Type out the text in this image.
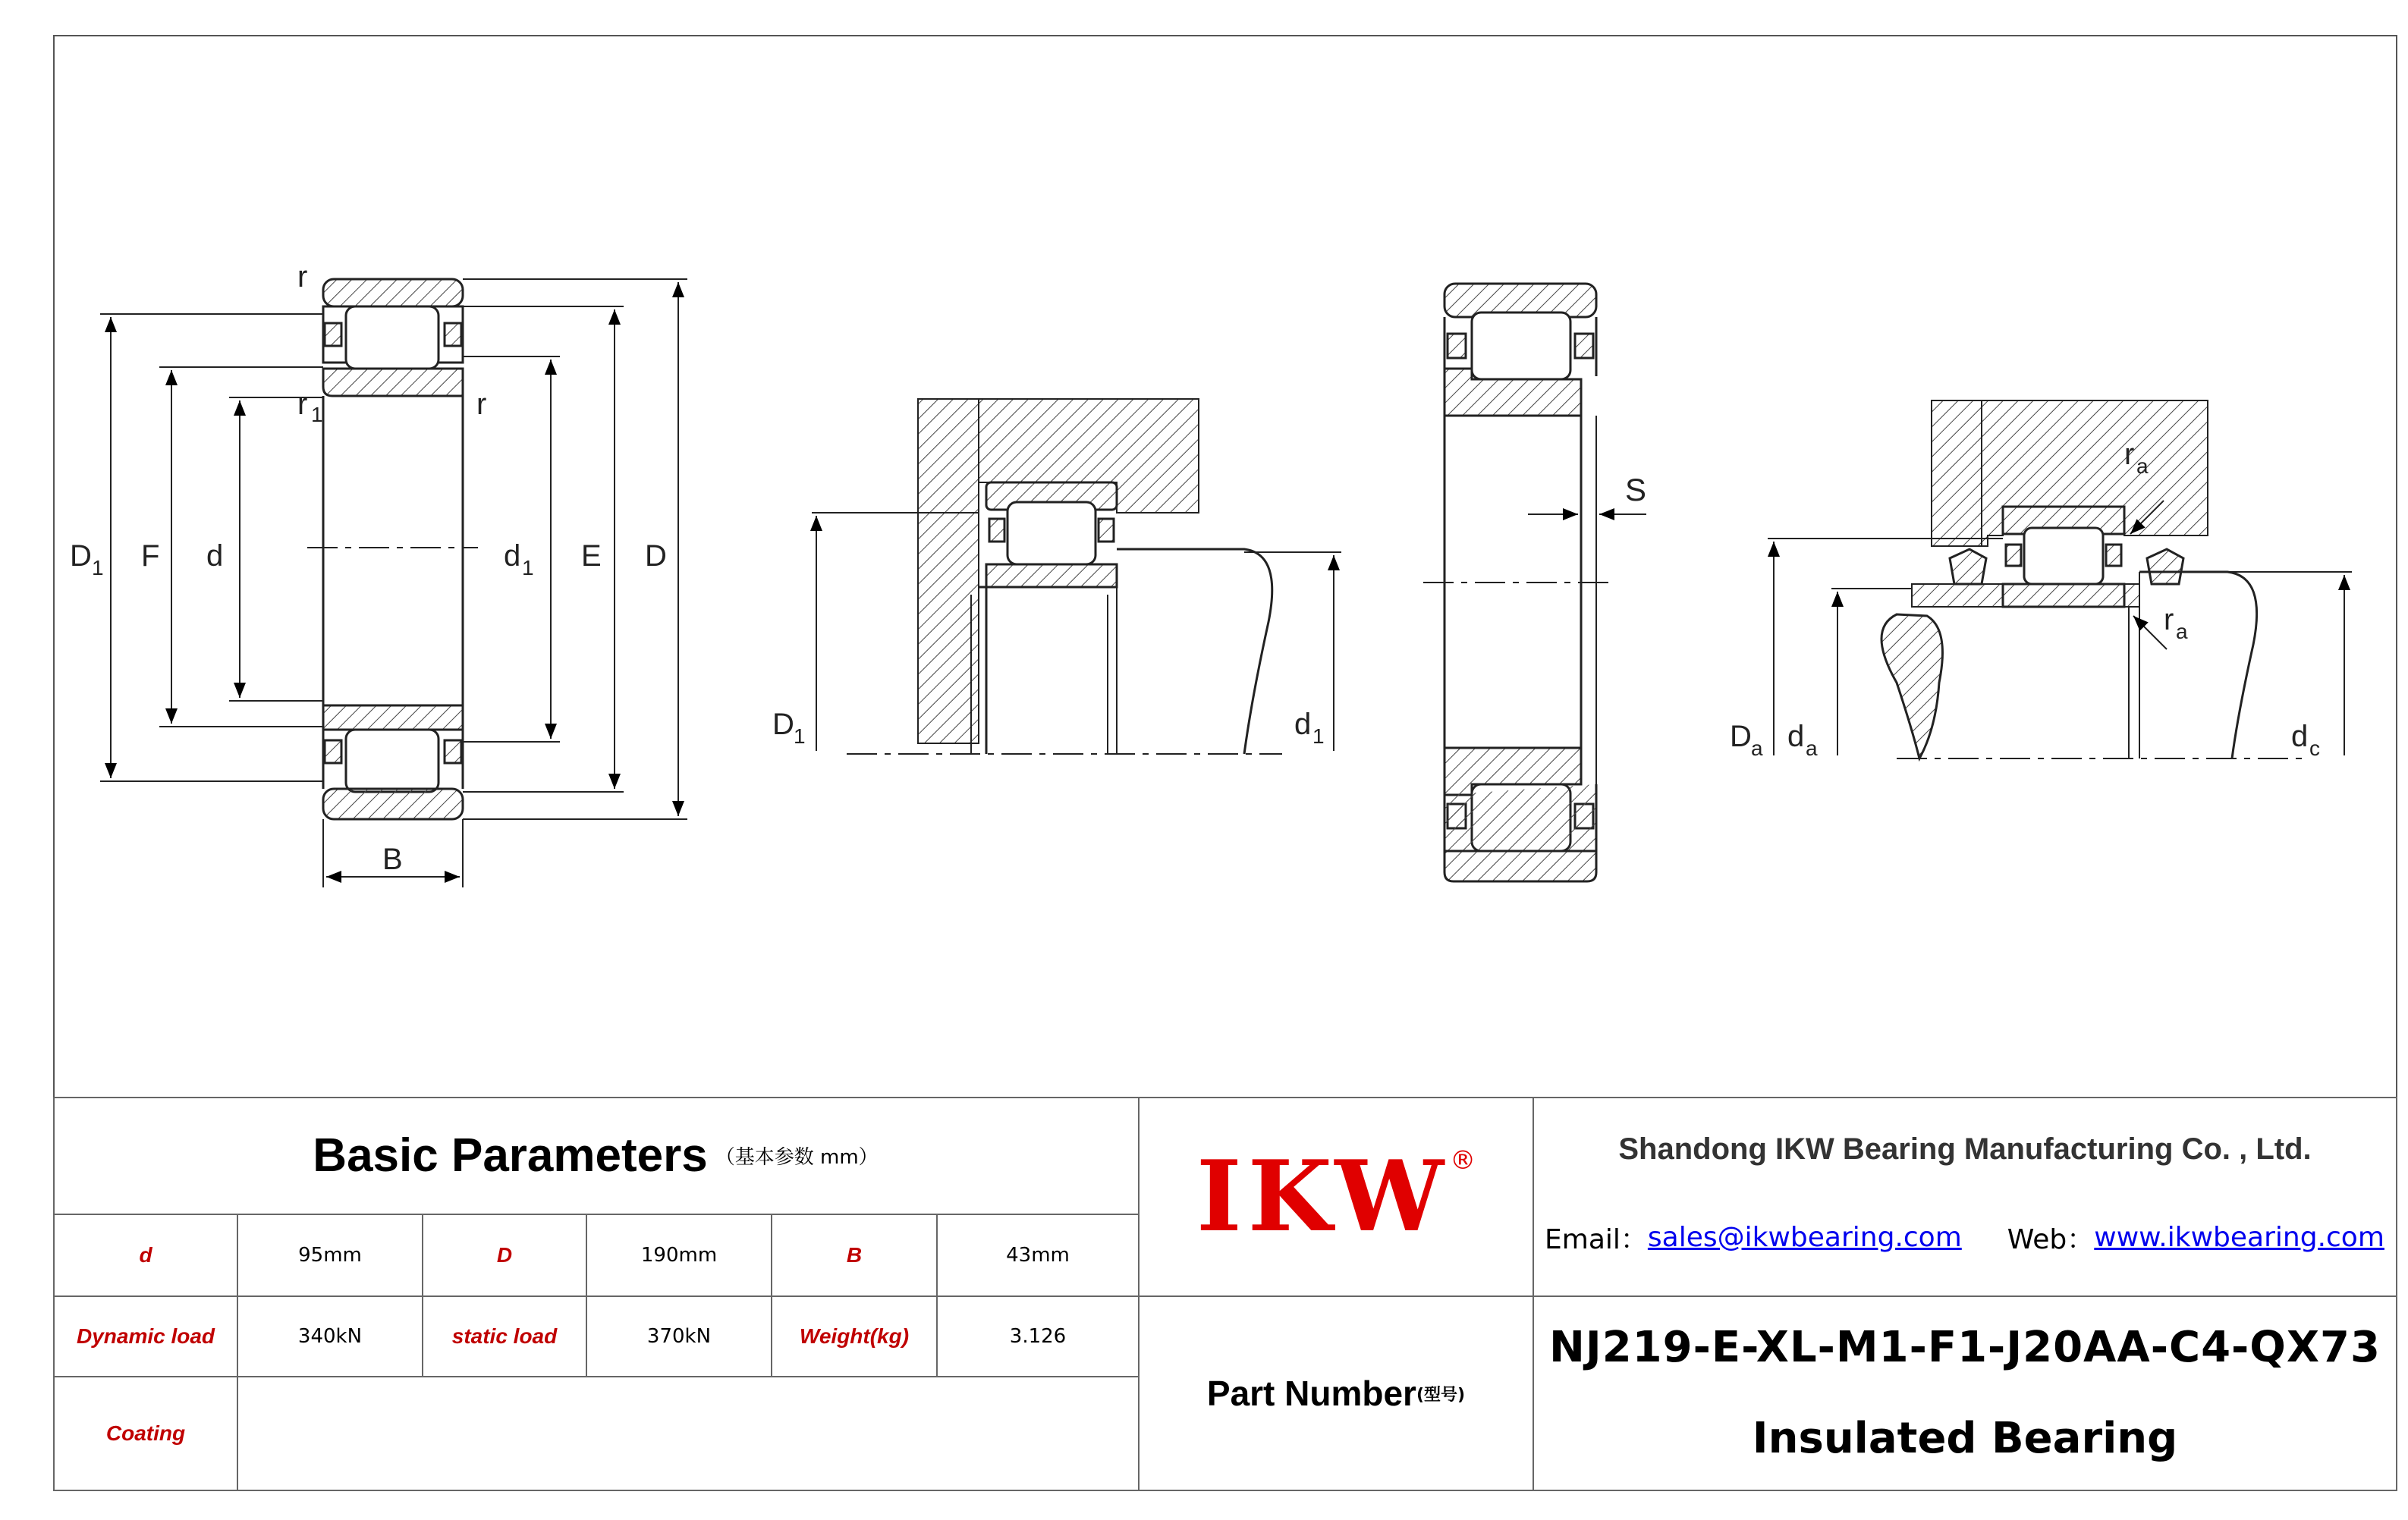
r
r 1	r
D 1 F d	d 1 E D
B
D 1	d 1
S
r a
r a
D a d a	d c
Basic Parameters （基本参数 mm）
d	95mm	D	190mm	B	43mm
Dynamic load	340kN	static load	370kN	Weight(kg)	3.126
Coating
IKW ®
Part Number (型号)
Shandong IKW Bearing Manufacturing Co. , Ltd.
Email： sales@ikwbearing.com Web： www.ikwbearing.com
NJ219-E-XL-M1-F1-J20AA-C4-QX73
Insulated Bearing
